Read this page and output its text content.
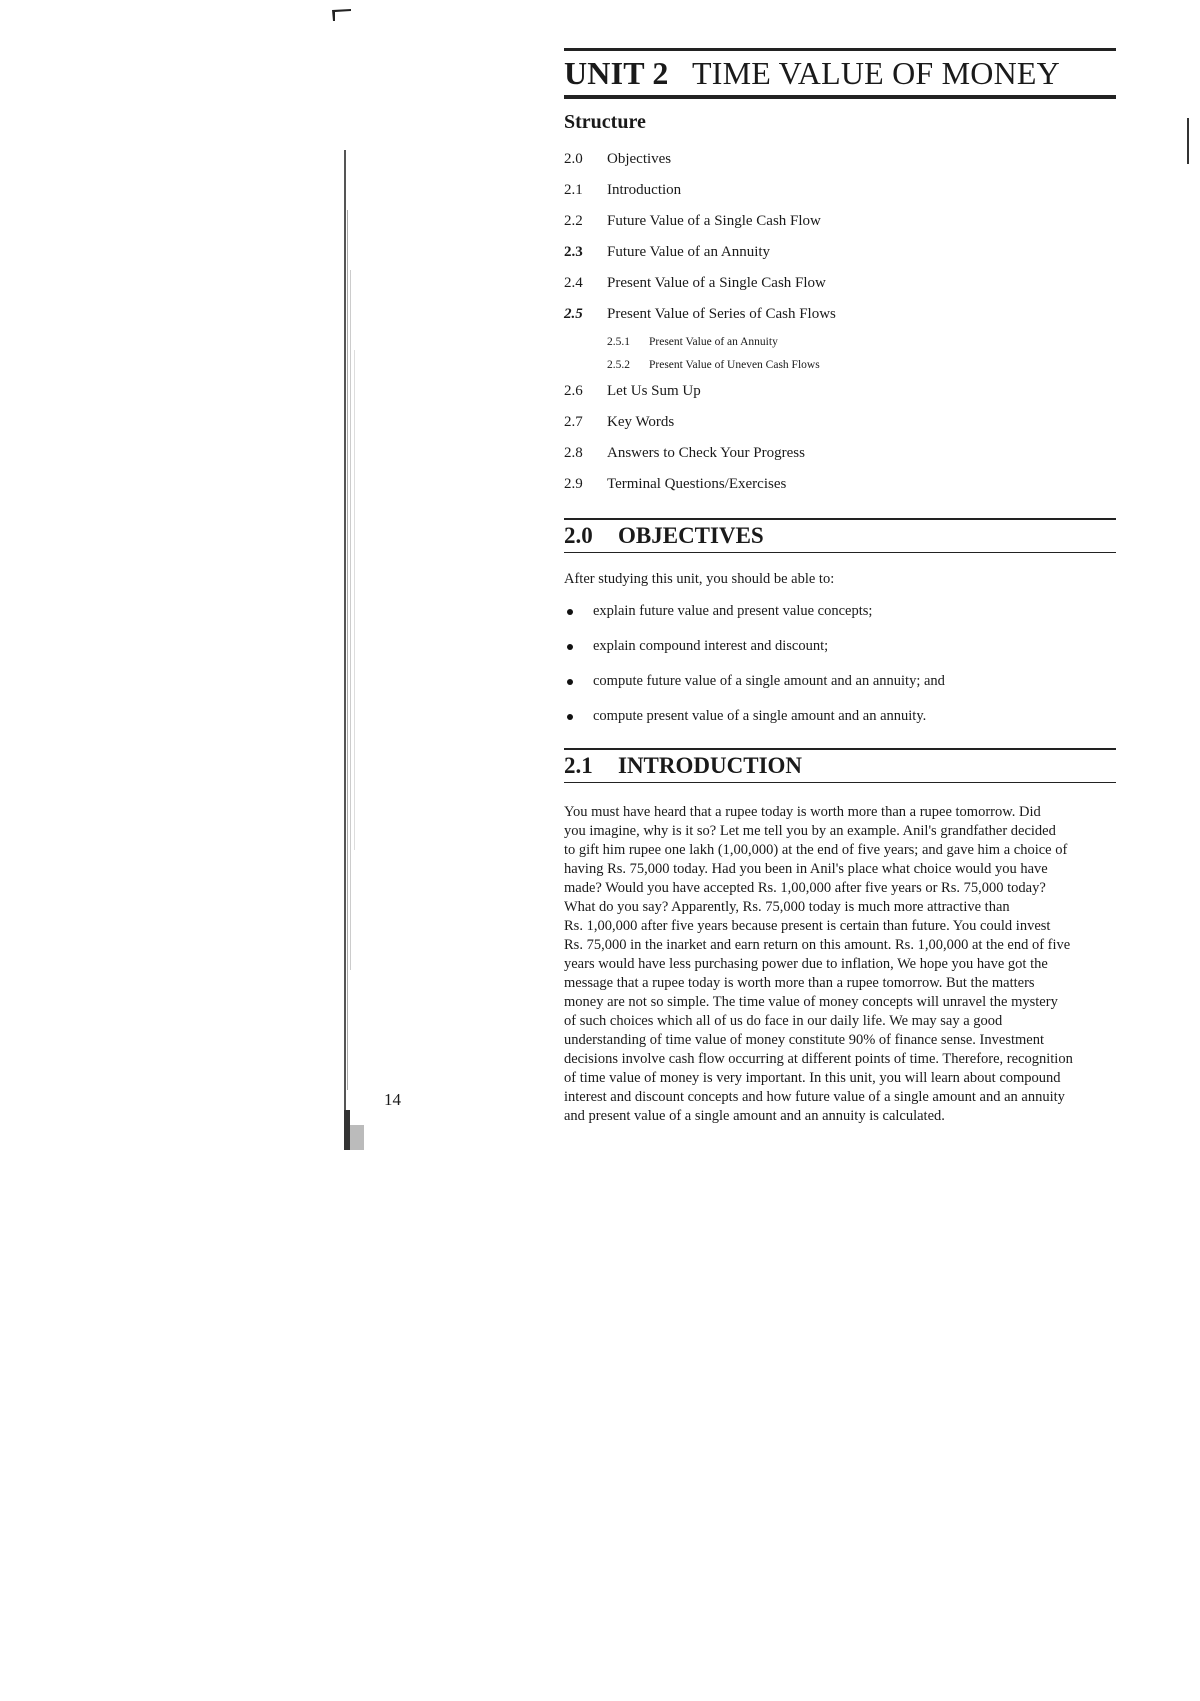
UNIT 2 TIME VALUE OF MONEY
Structure
2.0	Objectives
2.1	Introduction
2.2	Future Value of a Single Cash Flow
2.3	Future Value of an Annuity
2.4	Present Value of a Single Cash Flow
2.5	Present Value of Series of Cash Flows
2.5.1	Present Value of an Annuity
2.5.2	Present Value of Uneven Cash Flows
2.6	Let Us Sum Up
2.7	Key Words
2.8	Answers to Check Your Progress
2.9	Terminal Questions/Exercises
2.0 OBJECTIVES

After studying this unit, you should be able to:

explain future value and present value concepts;
explain compound interest and discount;
compute future value of a single amount and an annuity; and
compute present value of a single amount and an annuity.
2.1 INTRODUCTION

You must have heard that a rupee today is worth more than a rupee tomorrow. Did
you imagine, why is it so? Let me tell you by an example. Anil's grandfather decided
to gift him rupee one lakh (1,00,000) at the end of five years; and gave him a choice of
having Rs. 75,000 today. Had you been in Anil's place what choice would you have
made? Would you have accepted Rs. 1,00,000 after five years or Rs. 75,000 today?
What do you say? Apparently, Rs. 75,000 today is much more attractive than
Rs. 1,00,000 after five years because present is certain than future. You could invest
Rs. 75,000 in the inarket and earn return on this amount. Rs. 1,00,000 at the end of five
years would have less purchasing power due to inflation, We hope you have got the
message that a rupee today is worth more than a rupee tomorrow. But the matters
money are not so simple. The time value of money concepts will unravel the mystery
of such choices which all of us do face in our daily life. We may say a good
understanding of time value of money constitute 90% of finance sense. Investment
decisions involve cash flow occurring at different points of time. Therefore, recognition
of time value of money is very important. In this unit, you will learn about compound
interest and discount concepts and how future value of a single amount and an annuity
and present value of a single amount and an annuity is calculated.

14
